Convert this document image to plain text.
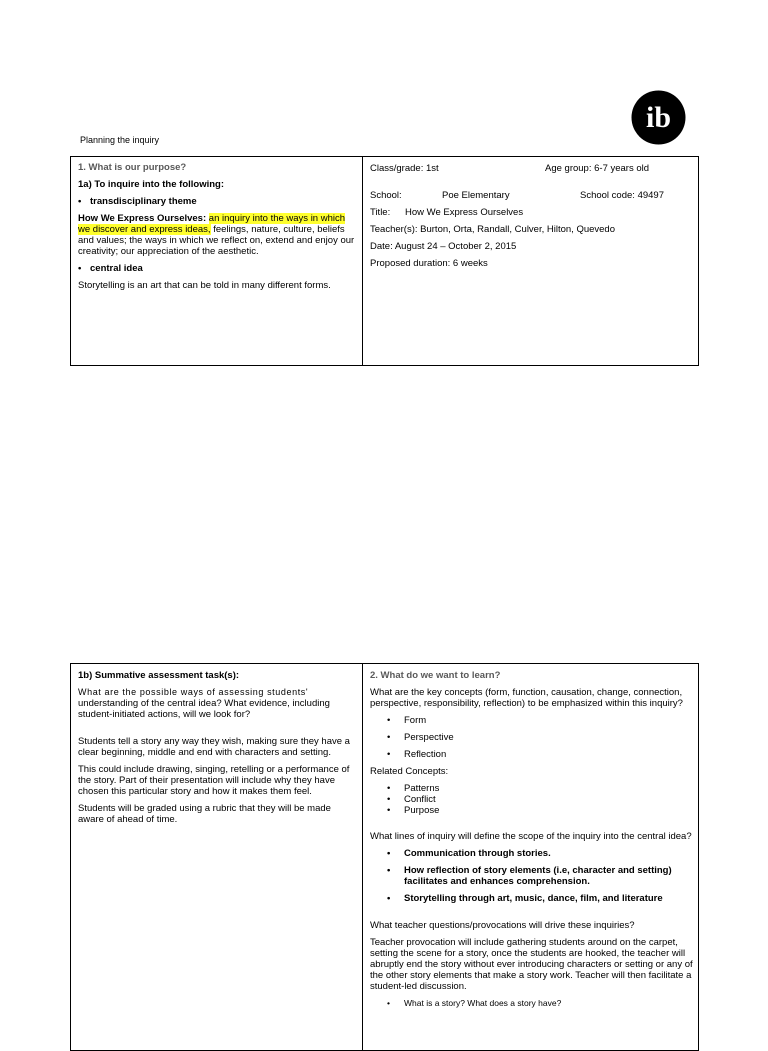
ib
Planning the inquiry
1. What is our purpose?

1a) To inquire into the following:

• transdisciplinary theme

How We Express Ourselves: an inquiry into the ways in which we discover and express ideas, feelings, nature, culture, beliefs and values; the ways in which we reflect on, extend and enjoy our creativity; our appreciation of the aesthetic.

• central idea

Storytelling is an art that can be told in many different forms.

Class/grade: 1st	Age group: 6-7 years old
School:	Poe Elementary	School code: 49497
Title:	How We Express Ourselves

Teacher(s): Burton, Orta, Randall, Culver, Hilton, Quevedo

Date: August 24 – October 2, 2015

Proposed duration: 6 weeks

1b) Summative assessment task(s):

What are the possible ways of assessing students' understanding of the central idea? What evidence, including student-initiated actions, will we look for?

Students tell a story any way they wish, making sure they have a clear beginning, middle and end with characters and setting.

This could include drawing, singing, retelling or a performance of the story. Part of their presentation will include why they have chosen this particular story and how it makes them feel.

Students will be graded using a rubric that they will be made aware of ahead of time.

2. What do we want to learn?

What are the key concepts (form, function, causation, change, connection, perspective, responsibility, reflection) to be emphasized within this inquiry?

• Form
• Perspective
• Reflection

Related Concepts:

• Patterns
• Conflict
• Purpose

What lines of inquiry will define the scope of the inquiry into the central idea?

• Communication through stories.
• How reflection of story elements (i.e, character and setting) facilitates and enhances comprehension.
• Storytelling through art, music, dance, film, and literature

What teacher questions/provocations will drive these inquiries?

Teacher provocation will include gathering students around on the carpet, setting the scene for a story, once the students are hooked, the teacher will abruptly end the story without ever introducing characters or setting or any of the other story elements that make a story work. Teacher will then facilitate a student-led discussion.

• What is a story? What does a story have?
